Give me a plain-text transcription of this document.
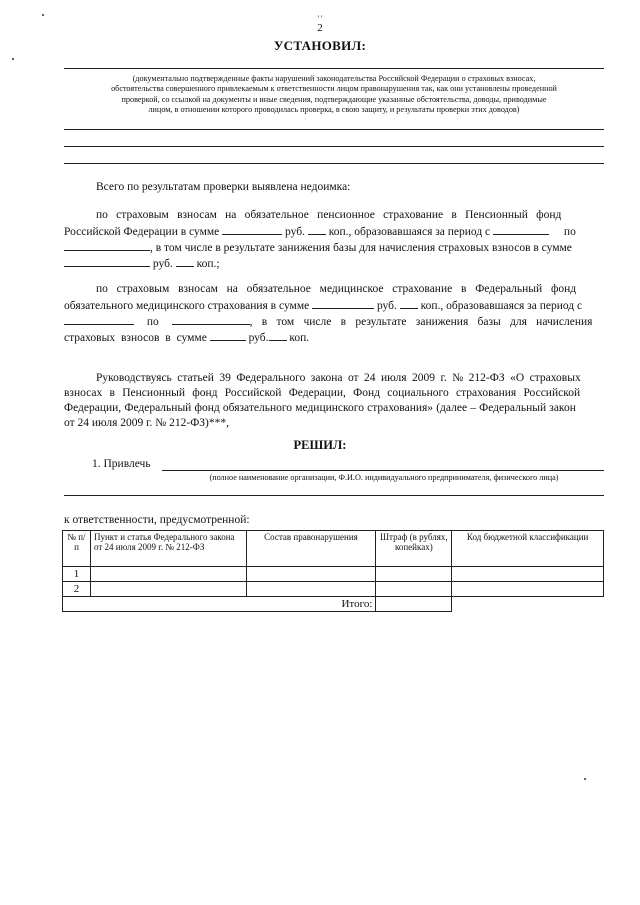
' '
2
УСТАНОВИЛ:
(документально подтвержденные факты нарушений законодательства Российской Федерации о страховых взносах,
обстоятельства совершенного привлекаемым к ответственности лицом правонарушения так, как они установлены проведенной
проверкой, со ссылкой на документы и иные сведения, подтверждающие указанные обстоятельства, доводы, приводимые
лицом, в отношении которого проводилась проверка, в свою защиту, и результаты проверки этих доводов)
Всего по результатам проверки выявлена недоимка:
по страховым взносам на обязательное пенсионное страхование в Пенсионный фонд
Российской Федерации в сумме	руб. коп., образовавшаяся за период с	по
, в том числе в результате занижения базы для начисления страховых взносов в сумме
руб. коп.;
по страховым взносам на обязательное медицинское страхование в Федеральный фонд
обязательного медицинского страхования в сумме	руб. коп., образовавшаяся за период с
по	, в том числе в результате занижения базы для начисления
страховых взносов в сумме	руб. коп.
Руководствуясь статьей 39 Федерального закона от 24 июля 2009 г. № 212-ФЗ «О страховых
взносах в Пенсионный фонд Российской Федерации, Фонд социального страхования Российской
Федерации, Федеральный фонд обязательного медицинского страхования» (далее – Федеральный закон
от 24 июля 2009 г. № 212-ФЗ)***,
РЕШИЛ:
1. Привлечь
(полное наименование организации, Ф.И.О. индивидуального предпринимателя, физического лица)
к ответственности, предусмотренной:
№ п/п	Пункт и статья Федерального закона от 24 июля 2009 г. № 212-ФЗ	Состав правонарушения	Штраф (в рублях, копейках)	Код бюджетной классификации
1				
2				
Итого:				
